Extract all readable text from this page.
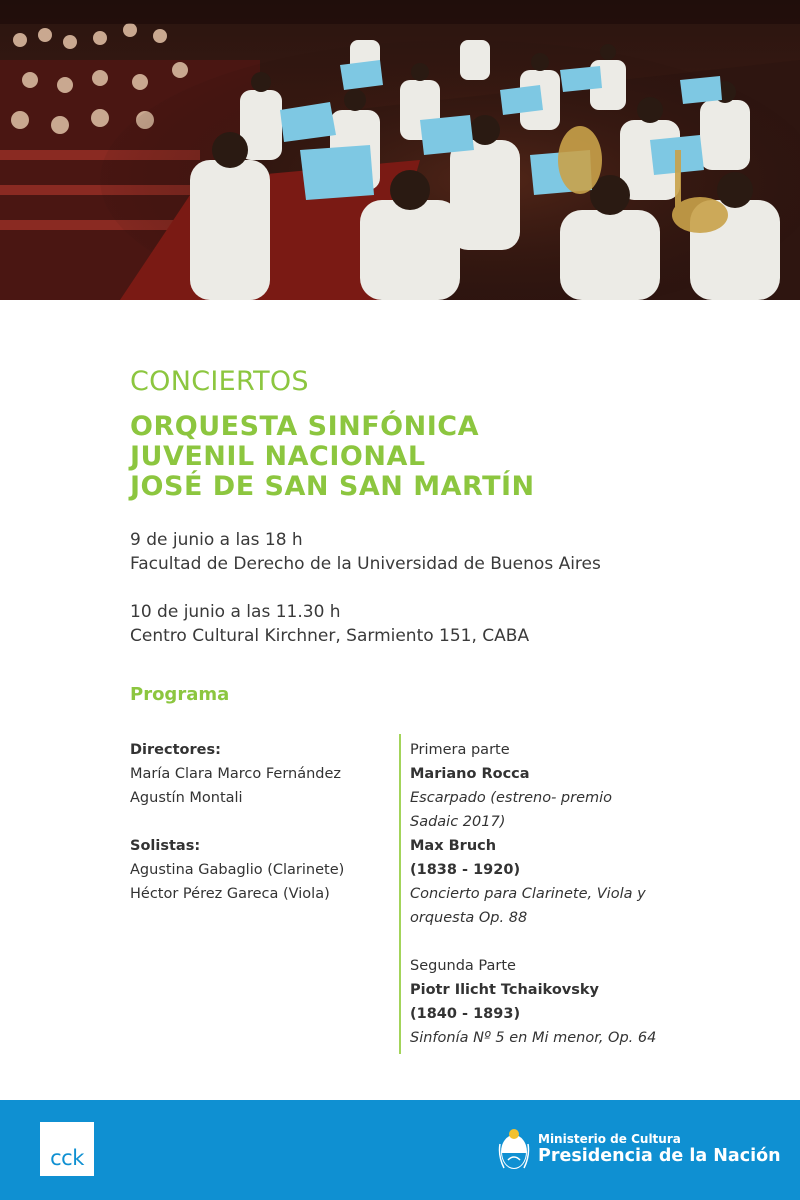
CONCIERTOS
ORQUESTA SINFÓNICA
JUVENIL NACIONAL
JOSÉ DE SAN SAN MARTÍN
9 de junio a las 18 h
Facultad de Derecho de la Universidad de Buenos Aires
10 de junio a las 11.30 h
Centro Cultural Kirchner, Sarmiento 151, CABA
Programa
Directores:
María Clara Marco Fernández
Agustín Montali
Solistas:
Agustina Gabaglio (Clarinete)
Héctor Pérez Gareca (Viola)
Primera parte
Mariano Rocca
Escarpado (estreno- premio
Sadaic 2017)
Max Bruch
(1838 - 1920)
Concierto para Clarinete, Viola y
orquesta Op. 88
Segunda Parte
Piotr Ilicht Tchaikovsky
(1840 - 1893)
Sinfonía Nº 5 en Mi menor, Op. 64
cck
Ministerio de Cultura
Presidencia de la Nación
